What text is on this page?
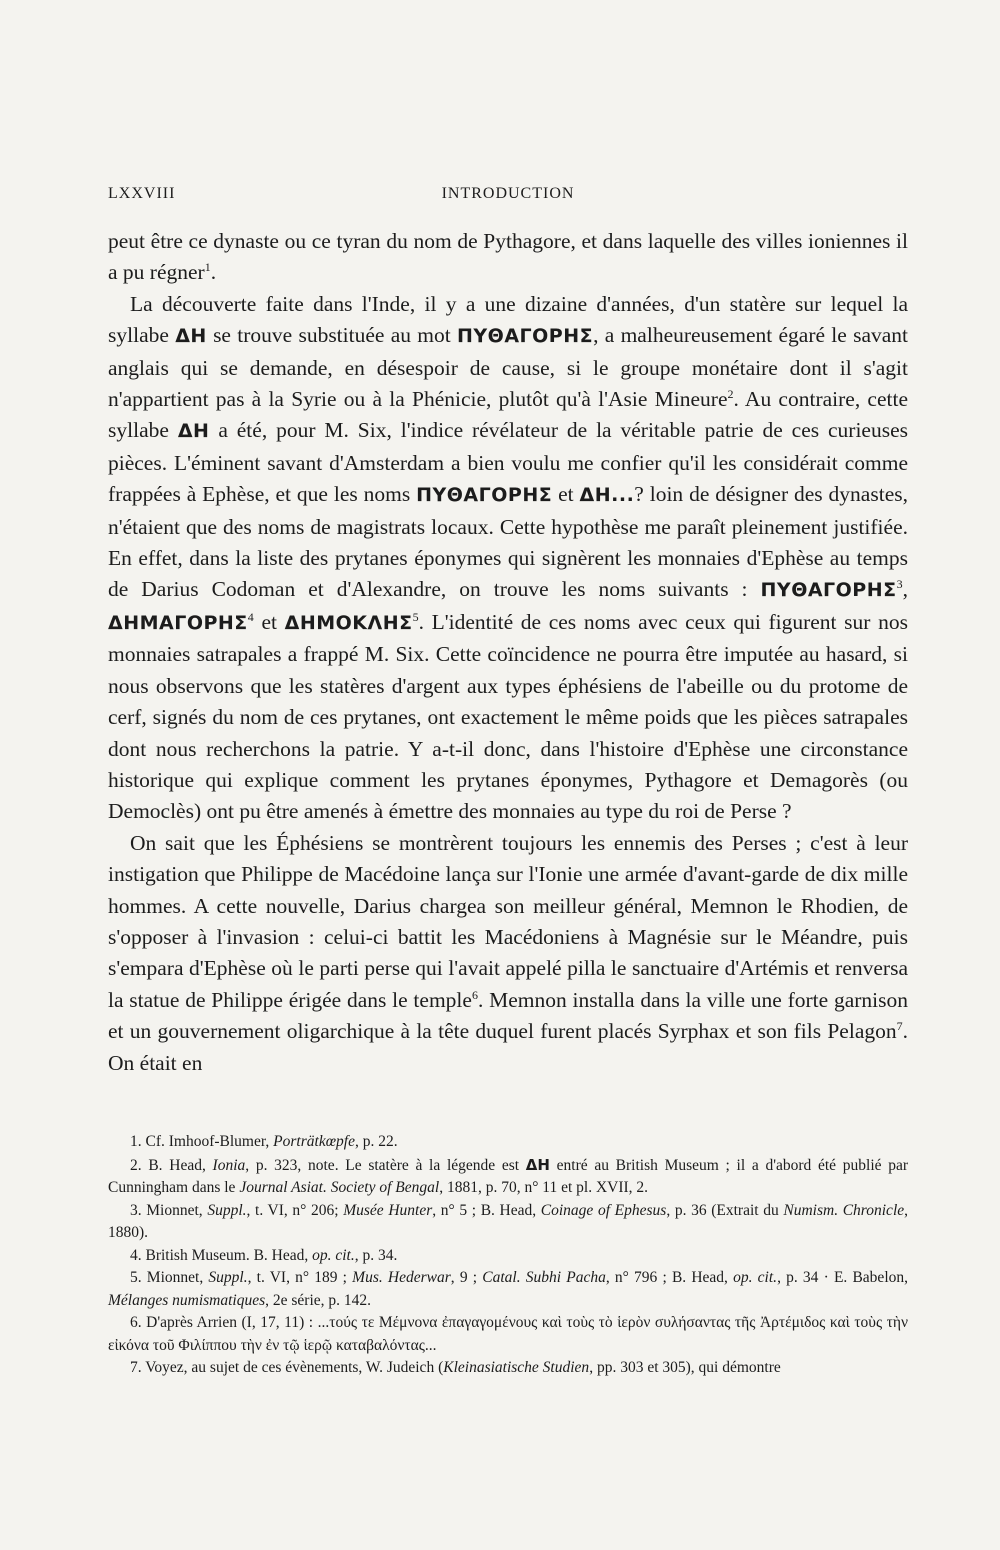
LXXVIII	INTRODUCTION

peut être ce dynaste ou ce tyran du nom de Pythagore, et dans laquelle des villes ioniennes il a pu régner$^1$.

La découverte faite dans l'Inde, il y a une dizaine d'années, d'un statère sur lequel la syllabe ΔΗ se trouve substituée au mot ΠΥΘΑΓΟΡΗΣ, a malheureusement égaré le savant anglais qui se demande, en désespoir de cause, si le groupe monétaire dont il s'agit n'appartient pas à la Syrie ou à la Phénicie, plutôt qu'à l'Asie Mineure$^2$. Au contraire, cette syllabe ΔΗ a été, pour M. Six, l'indice révélateur de la véritable patrie de ces curieuses pièces. L'éminent savant d'Amsterdam a bien voulu me confier qu'il les considérait comme frappées à Ephèse, et que les noms ΠΥΘΑΓΟΡΗΣ et ΔΗ...? loin de désigner des dynastes, n'étaient que des noms de magistrats locaux. Cette hypothèse me paraît pleinement justifiée. En effet, dans la liste des prytanes éponymes qui signèrent les monnaies d'Ephèse au temps de Darius Codoman et d'Alexandre, on trouve les noms suivants : ΠΥΘΑΓΟΡΗΣ$^3$, ΔΗΜΑΓΟΡΗΣ$^4$ et ΔΗΜΟΚΛΗΣ$^5$. L'identité de ces noms avec ceux qui figurent sur nos monnaies satrapales a frappé M. Six. Cette coïncidence ne pourra être imputée au hasard, si nous observons que les statères d'argent aux types éphésiens de l'abeille ou du protome de cerf, signés du nom de ces prytanes, ont exactement le même poids que les pièces satrapales dont nous recherchons la patrie. Y a-t-il donc, dans l'histoire d'Ephèse une circonstance historique qui explique comment les prytanes éponymes, Pythagore et Demagorès (ou Democlès) ont pu être amenés à émettre des monnaies au type du roi de Perse ?

On sait que les Éphésiens se montrèrent toujours les ennemis des Perses ; c'est à leur instigation que Philippe de Macédoine lança sur l'Ionie une armée d'avant-garde de dix mille hommes. A cette nouvelle, Darius chargea son meilleur général, Memnon le Rhodien, de s'opposer à l'invasion : celui-ci battit les Macédoniens à Magnésie sur le Méandre, puis s'empara d'Ephèse où le parti perse qui l'avait appelé pilla le sanctuaire d'Artémis et renversa la statue de Philippe érigée dans le temple$^6$. Memnon installa dans la ville une forte garnison et un gouvernement oligarchique à la tête duquel furent placés Syrphax et son fils Pelagon$^7$. On était en

1. Cf. Imhoof-Blumer, Porträtkœpfe, p. 22.
2. B. Head, Ionia, p. 323, note. Le statère à la légende est ΔΗ entré au British Museum ; il a d'abord été publié par Cunningham dans le Journal Asiat. Society of Bengal, 1881, p. 70, n° 11 et pl. XVII, 2.
3. Mionnet, Suppl., t. VI, n° 206; Musée Hunter, n° 5 ; B. Head, Coinage of Ephesus, p. 36 (Extrait du Numism. Chronicle, 1880).
4. British Museum. B. Head, op. cit., p. 34.
5. Mionnet, Suppl., t. VI, n° 189 ; Mus. Hederwar, 9 ; Catal. Subhi Pacha, n° 796 ; B. Head, op. cit., p. 34 · E. Babelon, Mélanges numismatiques, 2e série, p. 142.
6. D'après Arrien (I, 17, 11) : ...τούς τε Μέμνονα ἐπαγαγομένους καὶ τοὺς τὸ ἱερὸν συλήσαντας τῆς Ἀρτέμιδος καὶ τοὺς τὴν εἰκόνα τοῦ Φιλίππου τὴν ἐν τῷ ἱερῷ καταβαλόντας...
7. Voyez, au sujet de ces évènements, W. Judeich (Kleinasiatische Studien, pp. 303 et 305), qui démontre
